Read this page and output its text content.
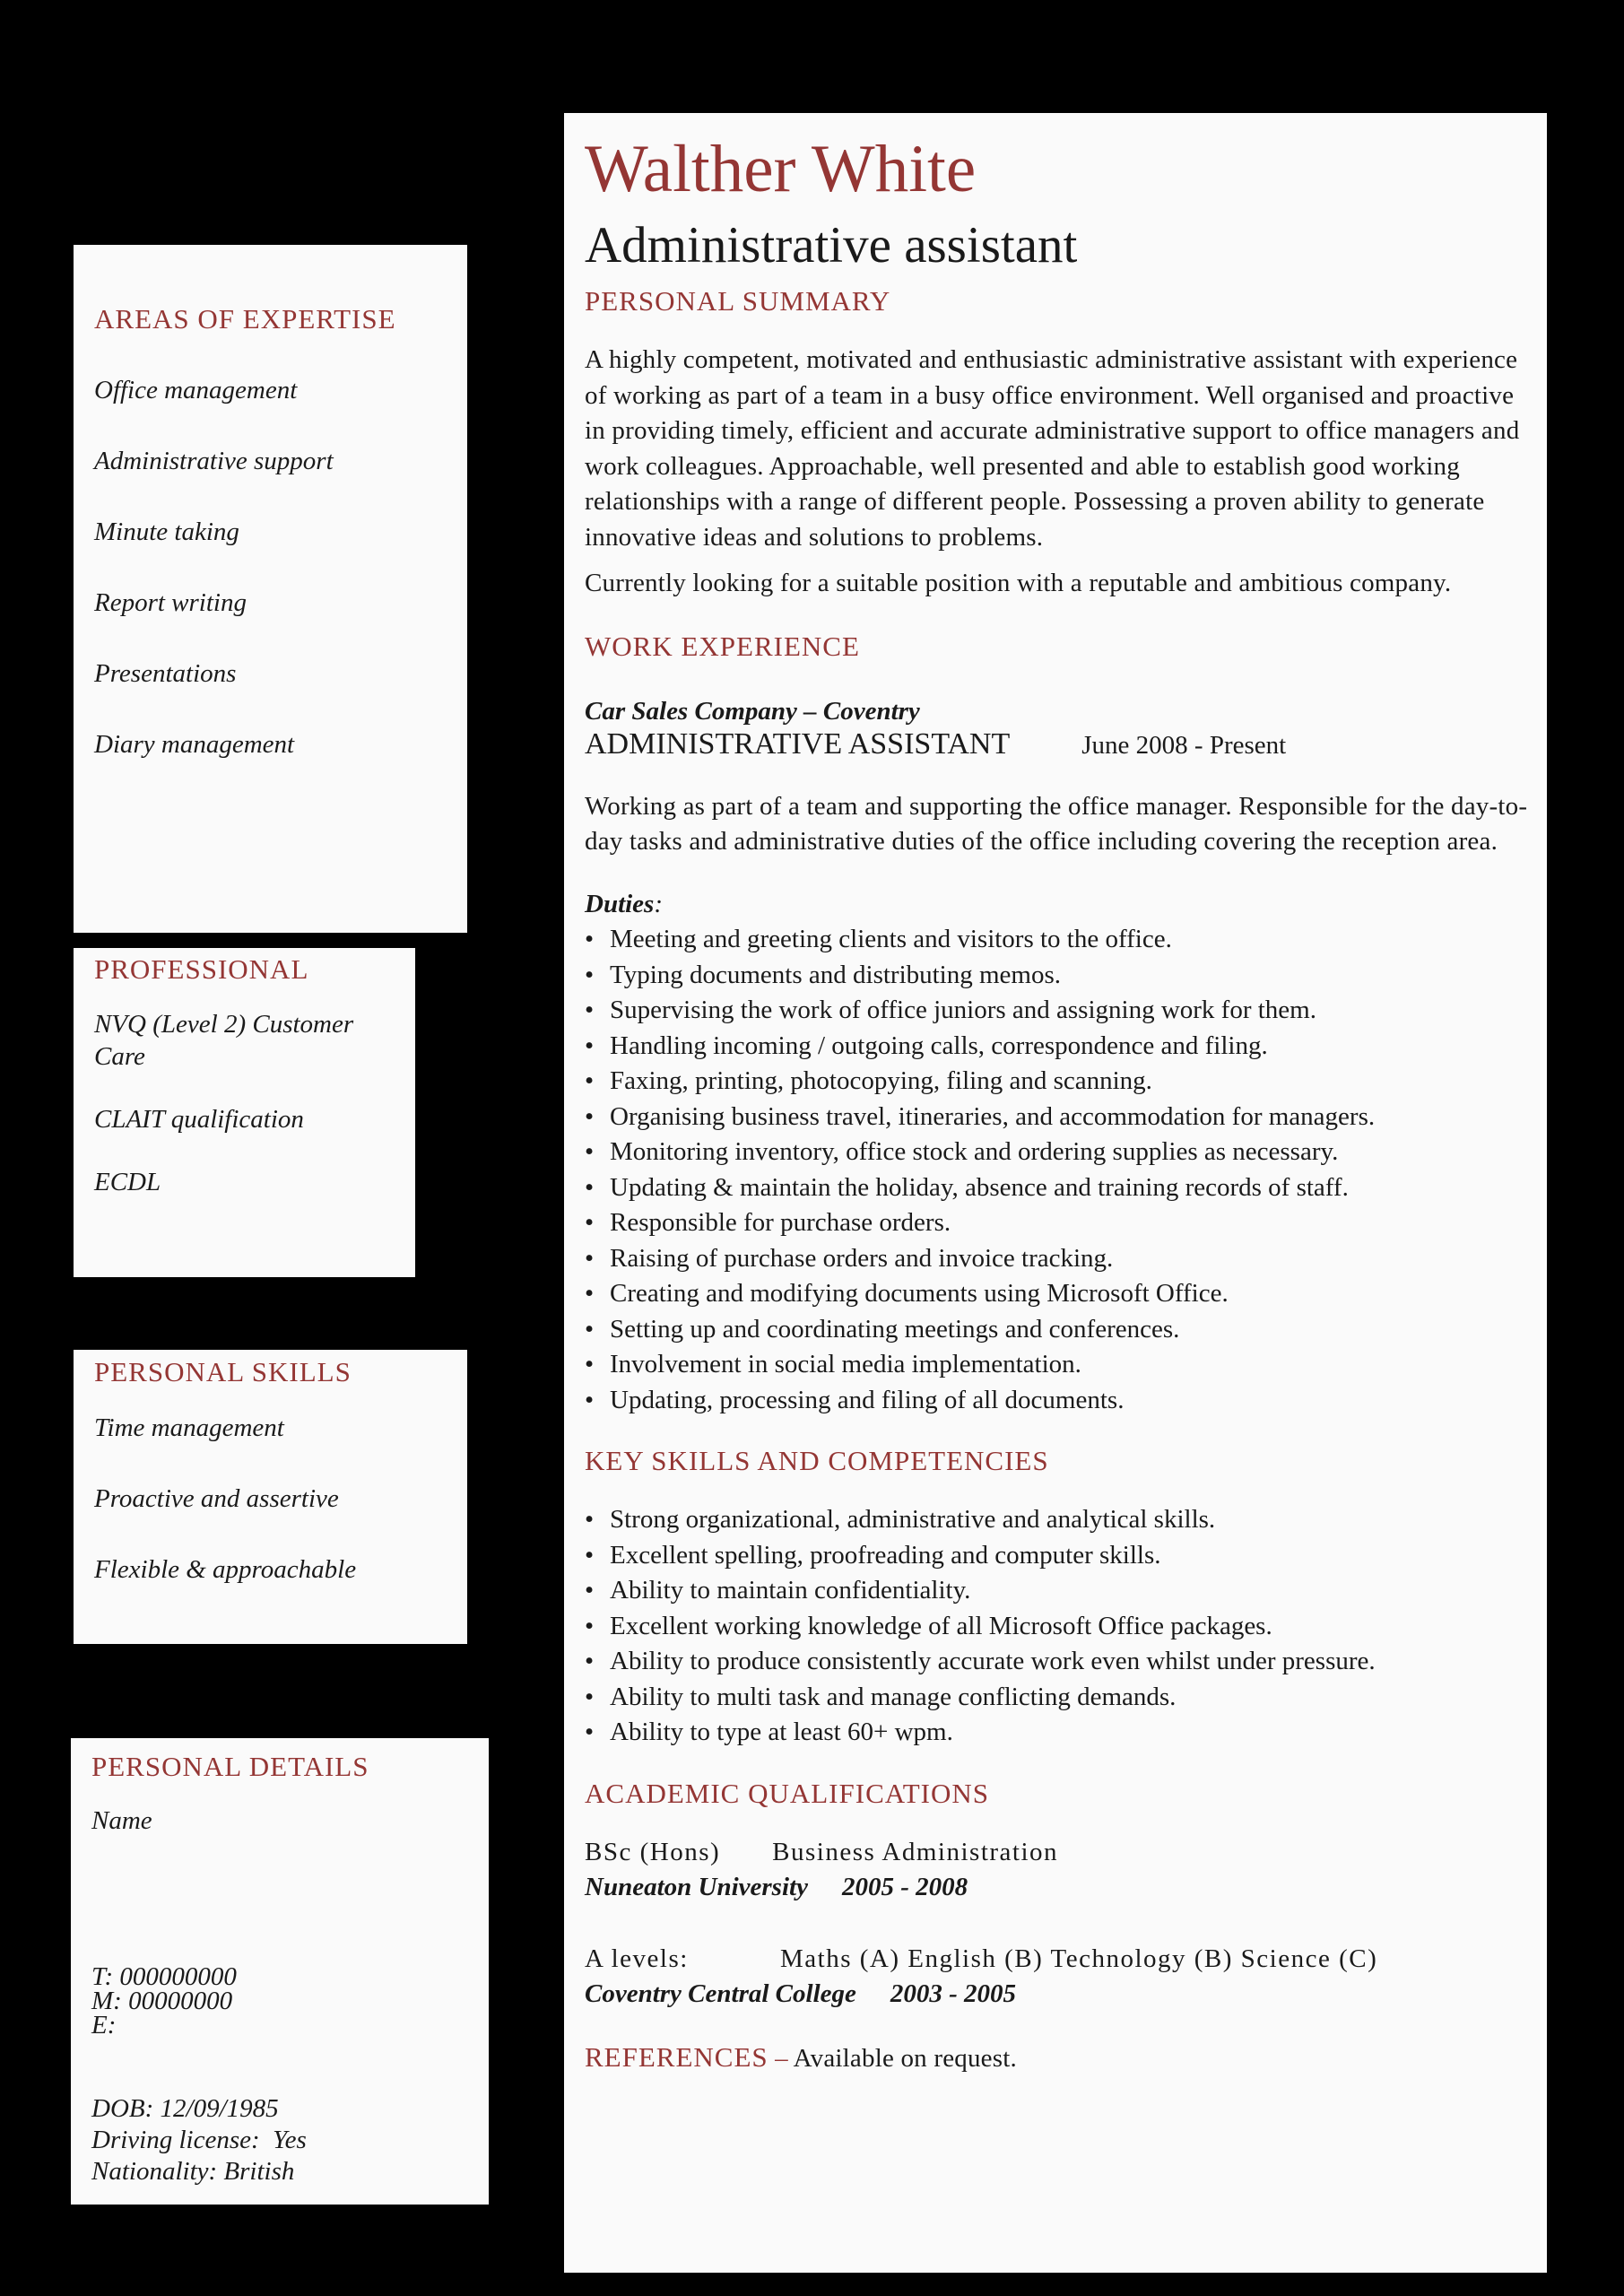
AREAS OF EXPERTISE

Office management

Administrative support

Minute taking

Report writing

Presentations

Diary management

PROFESSIONAL

NVQ (Level 2) Customer Care

CLAIT qualification

ECDL

PERSONAL SKILLS

Time management

Proactive and assertive

Flexible & approachable

PERSONAL DETAILS

Name

T: 000000000

M: 00000000

E:

DOB: 12/09/1985

Driving license:  Yes

Nationality: British

Walther White
Administrative assistant
PERSONAL SUMMARY

A highly competent, motivated and enthusiastic administrative assistant with experience of working as part of a team in a busy office environment. Well organised and proactive in providing timely, efficient and accurate administrative support to office managers and work colleagues. Approachable, well presented and able to establish good working relationships with a range of different people. Possessing a proven ability to generate innovative ideas and solutions to problems.

Currently looking for a suitable position with a reputable and ambitious company.

WORK EXPERIENCE

Car Sales Company – Coventry

ADMINISTRATIVE ASSISTANT	June 2008 - Present

Working as part of a team and supporting the office manager. Responsible for the day-to-day tasks and administrative duties of the office including covering the reception area.

Duties:

• Meeting and greeting clients and visitors to the office.
• Typing documents and distributing memos.
• Supervising the work of office juniors and assigning work for them.
• Handling incoming / outgoing calls, correspondence and filing.
• Faxing, printing, photocopying, filing and scanning.
• Organising business travel, itineraries, and accommodation for managers.
• Monitoring inventory, office stock and ordering supplies as necessary.
• Updating & maintain the holiday, absence and training records of staff.
• Responsible for purchase orders.
• Raising of purchase orders and invoice tracking.
• Creating and modifying documents using Microsoft Office.
• Setting up and coordinating meetings and conferences.
• Involvement in social media implementation.
• Updating, processing and filing of all documents.
KEY SKILLS AND COMPETENCIES
• Strong organizational, administrative and analytical skills.
• Excellent spelling, proofreading and computer skills.
• Ability to maintain confidentiality.
• Excellent working knowledge of all Microsoft Office packages.
• Ability to produce consistently accurate work even whilst under pressure.
• Ability to multi task and manage conflicting demands.
• Ability to type at least 60+ wpm.
ACADEMIC QUALIFICATIONS

BSc (Hons) Business Administration

Nuneaton University 2005 - 2008

A levels:	Maths (A) English (B) Technology (B) Science (C)

Coventry Central College 2003 - 2005

REFERENCES – Available on request.
